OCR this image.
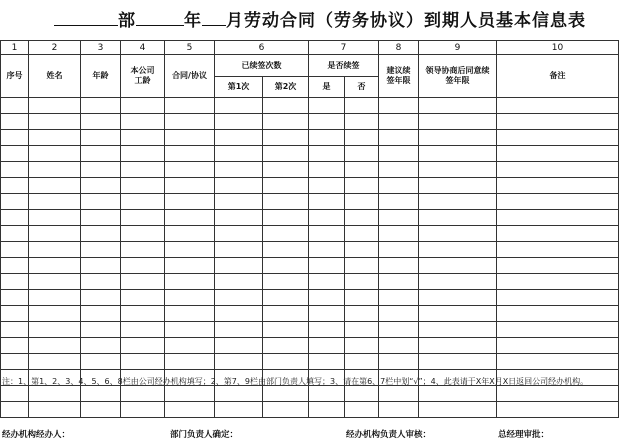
部	年 月劳动合同（劳务协议）到期人员基本信息表
1	2	3	4	5	6		7		8	9	10
序号	姓名	年龄	本公司工龄	合同/协议	已续签次数		是否续签		建议续签年限	领导协商后同意续签年限	备注
					第1次	第2次	是	否			

注：1、第1、2、3、4、5、6、8栏由公司经办机构填写；2、第7、9栏由部门负责人填写；3、请在第6、7栏中划“√”；4、此表请于X年X月X日返回公司经办机构。
经办机构经办人：	部门负责人确定：	经办机构负责人审核：	总经理审批：
